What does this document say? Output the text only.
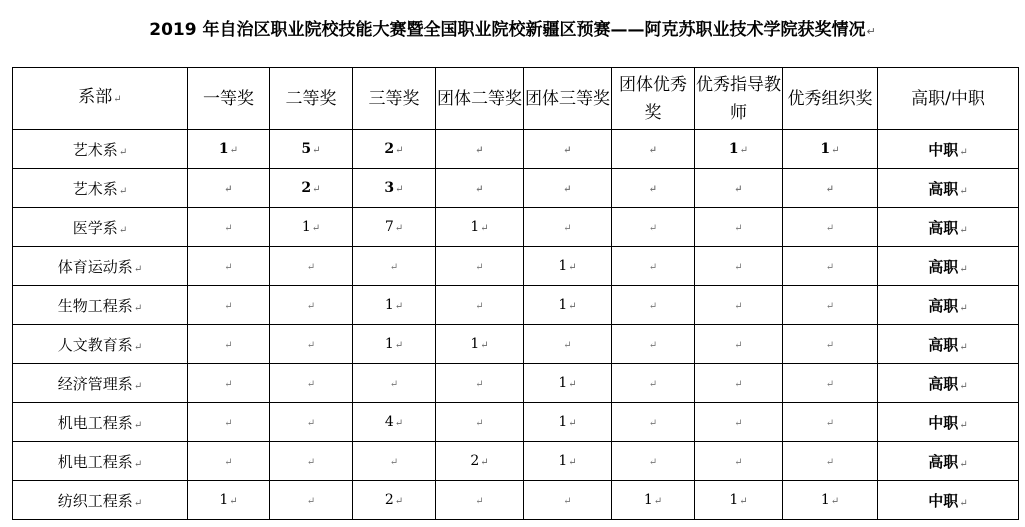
2019 年自治区职业院校技能大赛暨全国职业院校新疆区预赛——阿克苏职业技术学院获奖情况↵
系部↵	一等奖	二等奖	三等奖	团体二等奖	团体三等奖	团体优秀奖	优秀指导教师	优秀组织奖	高职/中职
艺术系↵	1↵	5↵	2↵	↵	↵	↵	1↵	1↵	中职↵
艺术系↵	↵	2↵	3↵	↵	↵	↵	↵	↵	高职↵
医学系↵	↵	1↵	7↵	1↵	↵	↵	↵	↵	高职↵
体育运动系↵	↵	↵	↵	↵	1↵	↵	↵	↵	高职↵
生物工程系↵	↵	↵	1↵	↵	1↵	↵	↵	↵	高职↵
人文教育系↵	↵	↵	1↵	1↵	↵	↵	↵	↵	高职↵
经济管理系↵	↵	↵	↵	↵	1↵	↵	↵	↵	高职↵
机电工程系↵	↵	↵	4↵	↵	1↵	↵	↵	↵	中职↵
机电工程系↵	↵	↵	↵	2↵	1↵	↵	↵	↵	高职↵
纺织工程系↵	1↵	↵	2↵	↵	↵	1↵	1↵	1↵	中职↵
